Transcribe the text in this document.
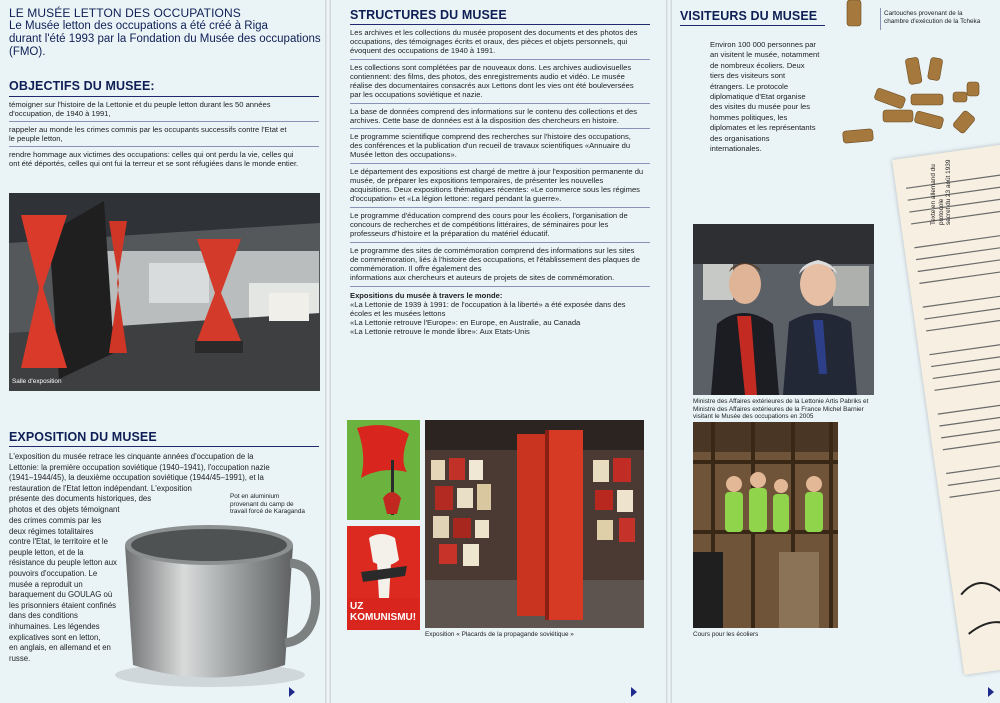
LE MUSÉE LETTON DES OCCUPATIONS
Le Musée letton des occupations a été créé à Riga
durant l'été 1993 par la Fondation du Musée des occupations
(FMO).
OBJECTIFS DU MUSEE:
témoigner sur l'histoire de la Lettonie et du peuple letton durant les 50 années
d'occupation, de 1940 à 1991,
rappeler au monde les crimes commis par les occupants successifs contre l'Etat et
le peuple letton,
rendre hommage aux victimes des occupations: celles qui ont perdu la vie, celles qui
ont été déportés, celles qui ont fui la terreur et se sont réfugiées dans le monde entier.
Salle d'exposition
EXPOSITION DU MUSEE
L'exposition du musée retrace les cinquante années d'occupation de la
Lettonie: la première occupation soviétique (1940–1941), l'occupation nazie
(1941–1944/45), la deuxième occupation soviétique (1944/45–1991), et la
restauration de l'Etat letton indépendant. L'exposition
présente des documents historiques, des
photos et des objets témoignant
des crimes commis par les
deux régimes totalitaires
contre l'Etat, le territoire et le
peuple letton, et de la
résistance du peuple letton aux
pouvoirs d'occupation. Le
musée a reproduit un
baraquement du GOULAG où
les prisonniers étaient confinés
dans des conditions
inhumaines. Les légendes
explicatives sont en letton,
en anglais, en allemand et en
russe.
Pot en aluminium
provenant du camp de
travail forcé de Karaganda
STRUCTURES DU MUSEE
Les archives et les collections du musée proposent des documents et des photos des
occupations, des témoignages écrits et oraux, des pièces et objets personnels, qui
évoquent des occupations de 1940 à 1991.
Les collections sont complétées par de nouveaux dons. Les archives audiovisuelles
contiennent: des films, des photos, des enregistrements audio et vidéo. Le musée
réalise des documentaires consacrés aux Lettons dont les vies ont été bouleversées
par les occupations soviétique et nazie.
La base de données comprend des informations sur le contenu des collections et des
archives. Cette base de données est à la disposition des chercheurs en histoire.
Le programme scientifique comprend des recherches sur l'histoire des occupations,
des conférences et la publication d'un recueil de travaux scientifiques «Annuaire du
Musée letton des occupations».
Le département des expositions est chargé de mettre à jour l'exposition permanente du
musée, de préparer les expositions temporaires, de présenter les nouvelles
acquisitions. Deux expositions thématiques récentes: «Le commerce sous les régimes
d'occupation» et «La légion lettone: regard pendant la guerre».
Le programme d'éducation comprend des cours pour les écoliers, l'organisation de
concours de recherches et de compétitions littéraires, de séminaires pour les
professeurs d'histoire et la préparation du matériel éducatif.
Le programme des sites de commémoration comprend des informations sur les sites
de commémoration, liés à l'histoire des occupations, et l'établissement des plaques de
commémoration. Il offre également des
informations aux chercheurs et auteurs de projets de sites de commémoration.
Expositions du musée à travers le monde:
«La Lettonie de 1939 à 1991: de l'occupation à la liberté» a été exposée dans des
écoles et les musées lettons
«La Lettonie retrouve l'Europe»: en Europe, en Australie, au Canada
«La Lettonie retrouve le monde libre»: Aux Etats-Unis
UZ
KOMUNISMU!
Exposition « Placards de la propagande soviétique »
VISITEURS DU MUSEE
Environ 100 000 personnes par
an visitent le musée, notamment
de nombreux écoliers. Deux
tiers des visiteurs sont
étrangers. Le protocole
diplomatique d'Etat organise
des visites du musée pour les
hommes politiques, les
diplomates et les représentants
des organisations
internationales.
Cartouches provenant de la
chambre d'exécution de la Tcheka
Texte en allemand du protocole secret du 23 août 1939
Ministre des Affaires extérieures de la Lettonie Artis Pabriks et
Ministre des Affaires extérieures de la France Michel Barnier
visitant le Musée des occupations en 2005
Cours pour les écoliers
